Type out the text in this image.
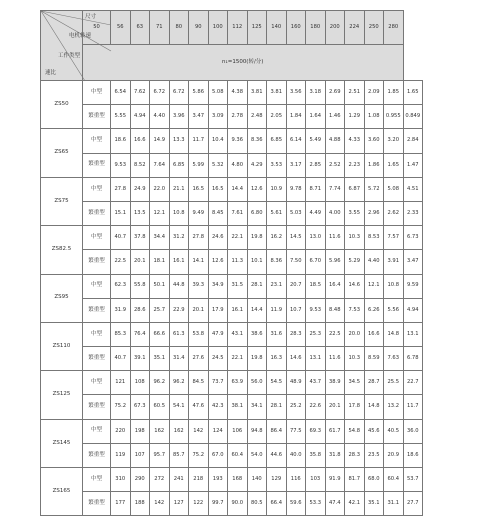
尺寸
电机转速
工作类型
速比	50	56	63	71	80	90	100	112	125	140	160	180	200	224	250	280	
	n₁=1500(转/分)																
ZS50	中型	6.54	7.62	6.72	6.72	5.86	5.08	4.38	3.81	3.81	3.56	3.18	2.69	2.51	2.09	1.85	1.65
	繁重型	5.55	4.94	4.40	3.96	3.47	3.09	2.78	2.48	2.05	1.84	1.64	1.46	1.29	1.08	0.955	0.849
ZS65	中型	18.6	16.6	14.9	13.3	11.7	10.4	9.36	8.36	6.85	6.14	5.49	4.88	4.33	3.60	3.20	2.84
	繁重型	9.53	8.52	7.64	6.85	5.99	5.32	4.80	4.29	3.53	3.17	2.85	2.52	2.23	1.86	1.65	1.47
ZS75	中型	27.8	24.9	22.0	21.1	16.5	16.5	14.4	12.6	10.9	9.78	8.71	7.74	6.87	5.72	5.08	4.51
	繁重型	15.1	13.5	12.1	10.8	9.49	8.45	7.61	6.80	5.61	5.03	4.49	4.00	3.55	2.96	2.62	2.33
ZS82.5	中型	40.7	37.8	34.4	31.2	27.8	24.6	22.1	19.8	16.2	14.5	13.0	11.6	10.3	8.53	7.57	6.73
	繁重型	22.5	20.1	18.1	16.1	14.1	12.6	11.3	10.1	8.36	7.50	6.70	5.96	5.29	4.40	3.91	3.47
ZS95	中型	62.3	55.8	50.1	44.8	39.3	34.9	31.5	28.1	23.1	20.7	18.5	16.4	14.6	12.1	10.8	9.59
	繁重型	31.9	28.6	25.7	22.9	20.1	17.9	16.1	14.4	11.9	10.7	9.53	8.48	7.53	6.26	5.56	4.94
ZS110	中型	85.3	76.4	66.6	61.3	53.8	47.9	43.1	38.6	31.6	28.3	25.3	22.5	20.0	16.6	14.8	13.1
	繁重型	40.7	39.1	35.1	31.4	27.6	24.5	22.1	19.8	16.3	14.6	13.1	11.6	10.3	8.59	7.63	6.78
ZS125	中型	121	108	96.2	96.2	84.5	73.7	63.9	56.0	54.5	48.9	43.7	38.9	34.5	28.7	25.5	22.7
	繁重型	75.2	67.3	60.5	54.1	47.6	42.3	38.1	34.1	28.1	25.2	22.6	20.1	17.8	14.8	13.2	11.7
ZS145	中型	220	198	162	162	142	124	106	94.8	86.4	77.5	69.3	61.7	54.8	45.6	40.5	36.0
	繁重型	119	107	95.7	85.7	75.2	67.0	60.4	54.0	44.6	40.0	35.8	31.8	28.3	23.5	20.9	18.6
ZS165	中型	310	290	272	241	218	193	168	140	129	116	103	91.9	81.7	68.0	60.4	53.7
	繁重型	177	188	142	127	122	99.7	90.0	80.5	66.4	59.6	53.3	47.4	42.1	35.1	31.1	27.7
